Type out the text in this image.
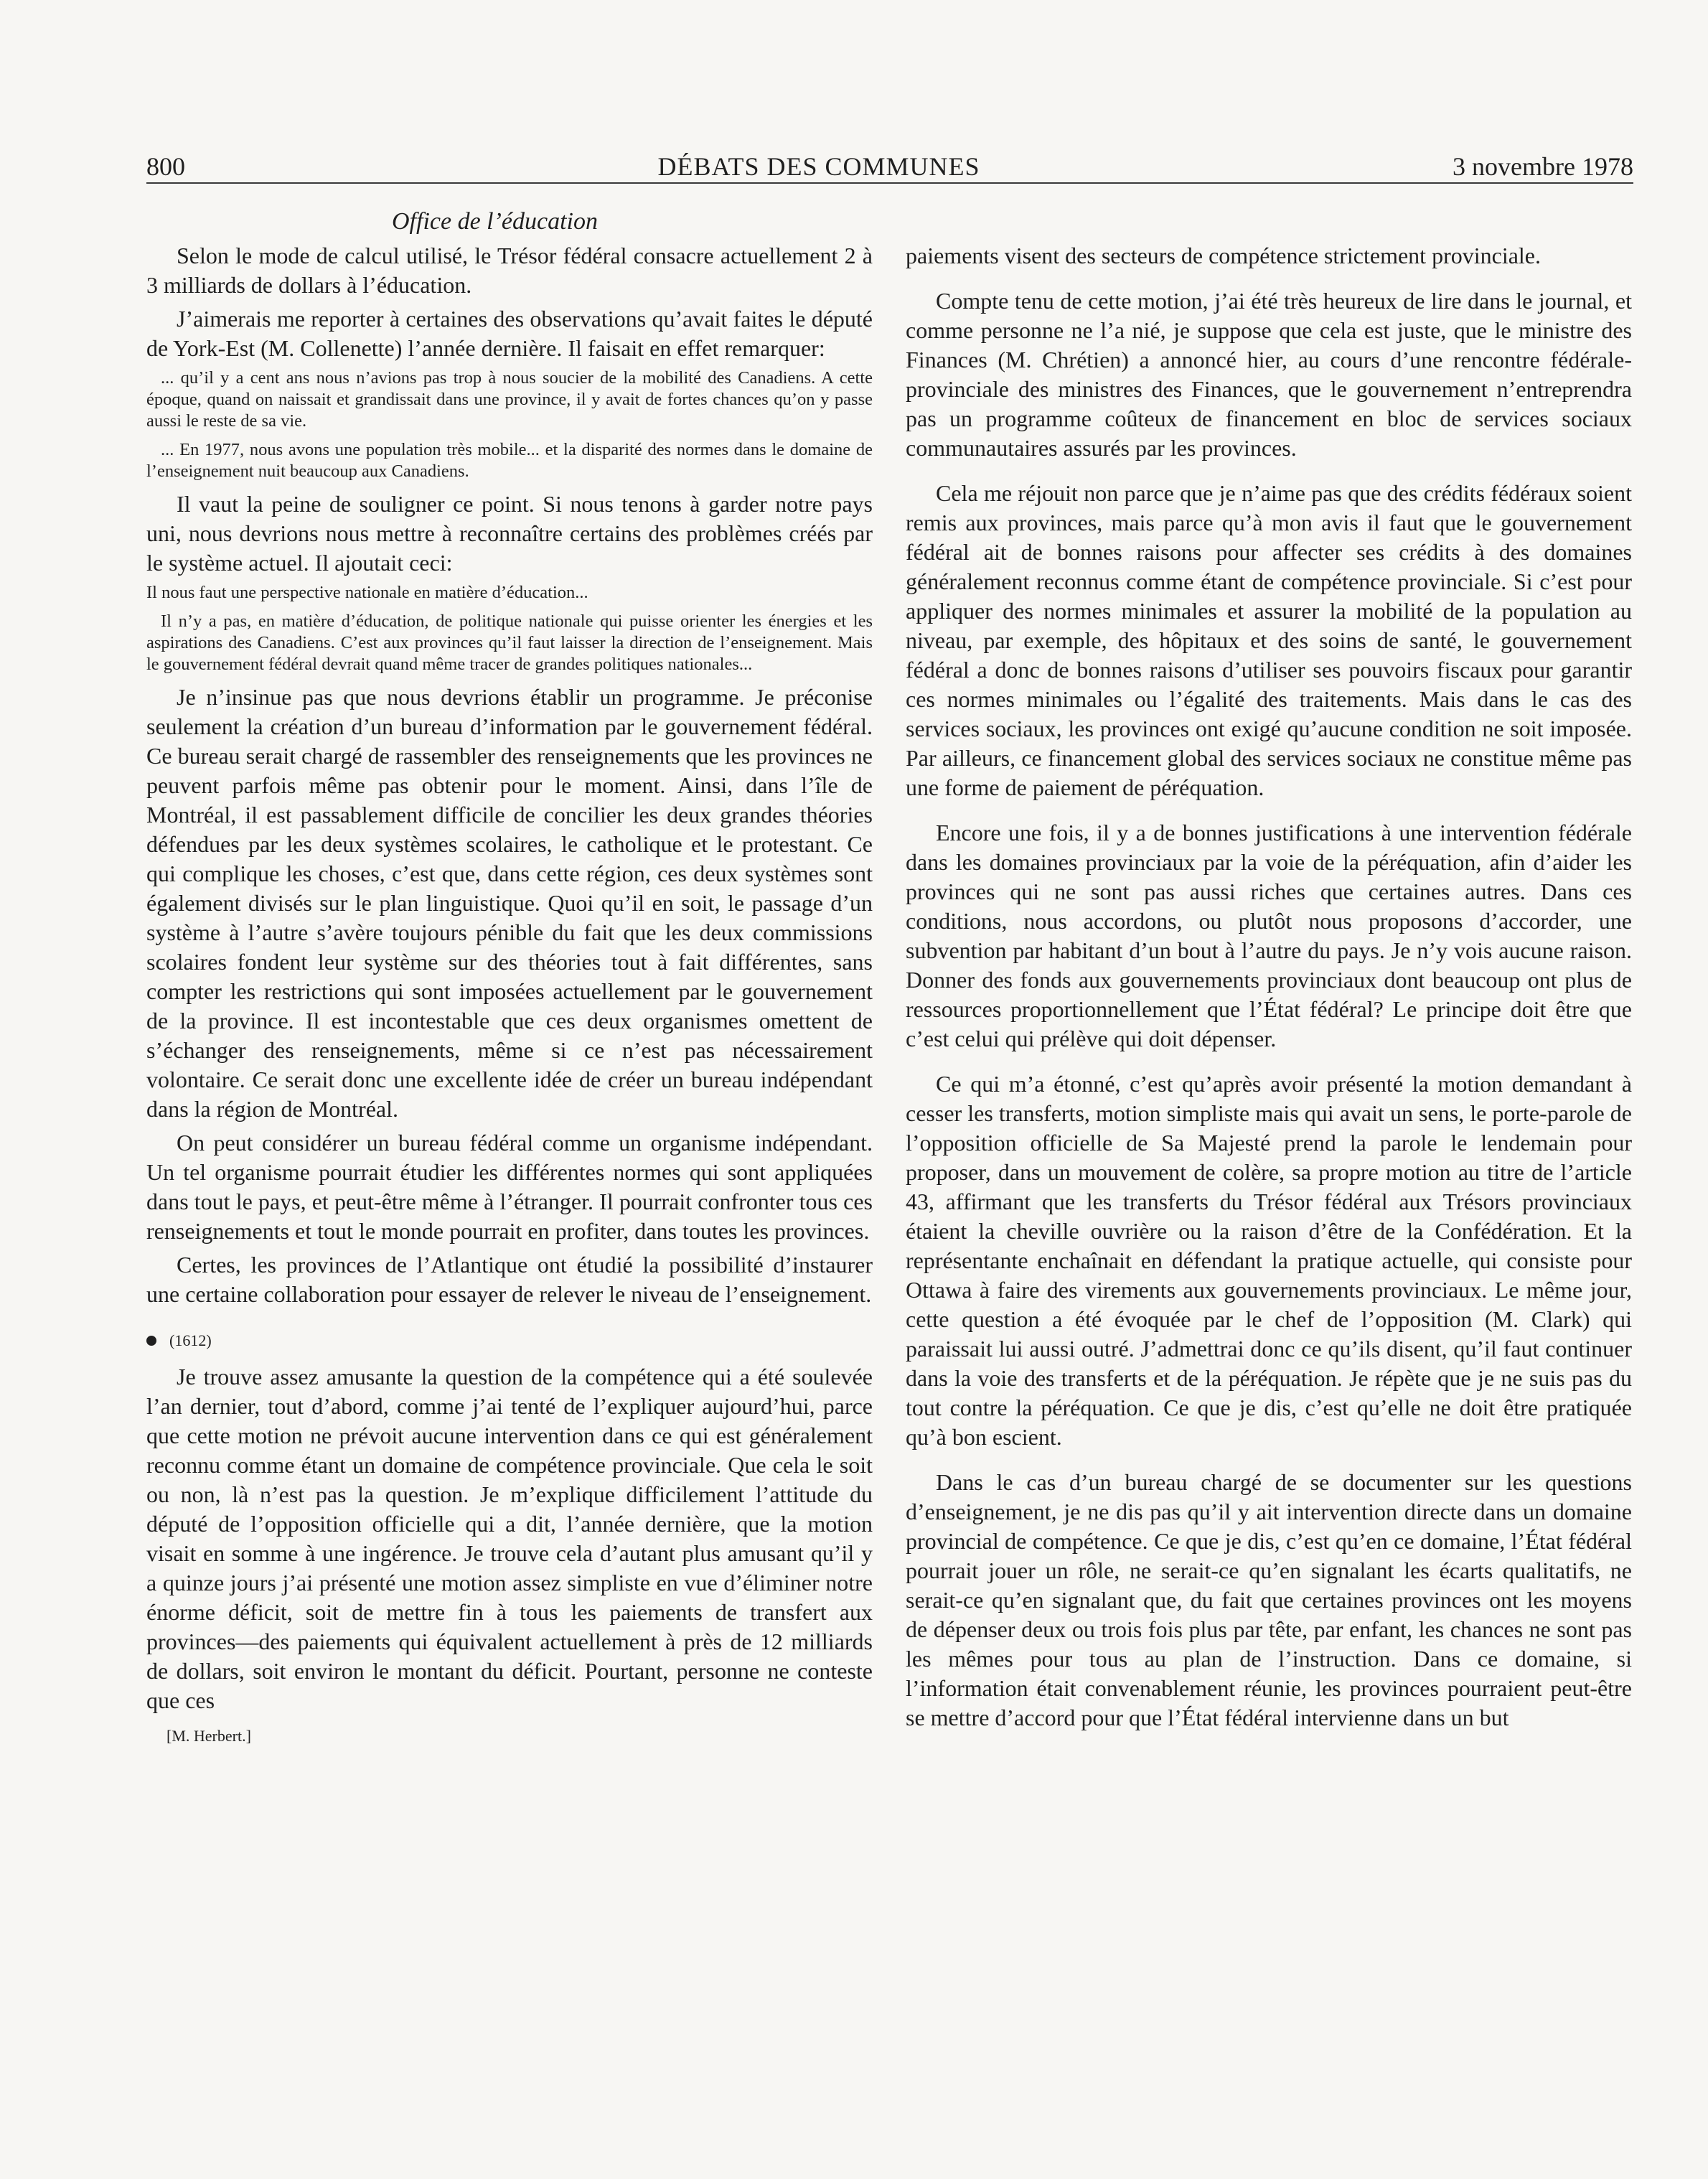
800	DÉBATS DES COMMUNES	3 novembre 1978
Office de l’éducation

Selon le mode de calcul utilisé, le Trésor fédéral consacre actuellement 2 à 3 milliards de dollars à l’éducation.

J’aimerais me reporter à certaines des observations qu’avait faites le député de York-Est (M. Collenette) l’année dernière. Il faisait en effet remarquer:

... qu’il y a cent ans nous n’avions pas trop à nous soucier de la mobilité des Canadiens. A cette époque, quand on naissait et grandissait dans une province, il y avait de fortes chances qu’on y passe aussi le reste de sa vie.
... En 1977, nous avons une population très mobile... et la disparité des normes dans le domaine de l’enseignement nuit beaucoup aux Canadiens.

Il vaut la peine de souligner ce point. Si nous tenons à garder notre pays uni, nous devrions nous mettre à reconnaître certains des problèmes créés par le système actuel. Il ajoutait ceci:

Il nous faut une perspective nationale en matière d’éducation...
Il n’y a pas, en matière d’éducation, de politique nationale qui puisse orienter les énergies et les aspirations des Canadiens. C’est aux provinces qu’il faut laisser la direction de l’enseignement. Mais le gouvernement fédéral devrait quand même tracer de grandes politiques nationales...

Je n’insinue pas que nous devrions établir un programme. Je préconise seulement la création d’un bureau d’information par le gouvernement fédéral. Ce bureau serait chargé de rassembler des renseignements que les provinces ne peuvent parfois même pas obtenir pour le moment. Ainsi, dans l’île de Montréal, il est passablement difficile de concilier les deux grandes théories défendues par les deux systèmes scolaires, le catholique et le protestant. Ce qui complique les choses, c’est que, dans cette région, ces deux systèmes sont également divisés sur le plan linguistique. Quoi qu’il en soit, le passage d’un système à l’autre s’avère toujours pénible du fait que les deux commissions scolaires fondent leur système sur des théories tout à fait différentes, sans compter les restrictions qui sont imposées actuellement par le gouvernement de la province. Il est incontestable que ces deux organismes omettent de s’échanger des renseignements, même si ce n’est pas nécessairement volontaire. Ce serait donc une excellente idée de créer un bureau indépendant dans la région de Montréal.

On peut considérer un bureau fédéral comme un organisme indépendant. Un tel organisme pourrait étudier les différentes normes qui sont appliquées dans tout le pays, et peut-être même à l’étranger. Il pourrait confronter tous ces renseignements et tout le monde pourrait en profiter, dans toutes les provinces.

Certes, les provinces de l’Atlantique ont étudié la possibilité d’instaurer une certaine collaboration pour essayer de relever le niveau de l’enseignement.

(1612)

Je trouve assez amusante la question de la compétence qui a été soulevée l’an dernier, tout d’abord, comme j’ai tenté de l’expliquer aujourd’hui, parce que cette motion ne prévoit aucune intervention dans ce qui est généralement reconnu comme étant un domaine de compétence provinciale. Que cela le soit ou non, là n’est pas la question. Je m’explique difficilement l’attitude du député de l’opposition officielle qui a dit, l’année dernière, que la motion visait en somme à une ingérence. Je trouve cela d’autant plus amusant qu’il y a quinze jours j’ai présenté une motion assez simpliste en vue d’éliminer notre énorme déficit, soit de mettre fin à tous les paiements de transfert aux provinces—des paiements qui équivalent actuellement à près de 12 milliards de dollars, soit environ le montant du déficit. Pourtant, personne ne conteste que ces

[M. Herbert.]

paiements visent des secteurs de compétence strictement provinciale.

Compte tenu de cette motion, j’ai été très heureux de lire dans le journal, et comme personne ne l’a nié, je suppose que cela est juste, que le ministre des Finances (M. Chrétien) a annoncé hier, au cours d’une rencontre fédérale-provinciale des ministres des Finances, que le gouvernement n’entreprendra pas un programme coûteux de financement en bloc de services sociaux communautaires assurés par les provinces.

Cela me réjouit non parce que je n’aime pas que des crédits fédéraux soient remis aux provinces, mais parce qu’à mon avis il faut que le gouvernement fédéral ait de bonnes raisons pour affecter ses crédits à des domaines généralement reconnus comme étant de compétence provinciale. Si c’est pour appliquer des normes minimales et assurer la mobilité de la population au niveau, par exemple, des hôpitaux et des soins de santé, le gouvernement fédéral a donc de bonnes raisons d’utiliser ses pouvoirs fiscaux pour garantir ces normes minimales ou l’égalité des traitements. Mais dans le cas des services sociaux, les provinces ont exigé qu’aucune condition ne soit imposée. Par ailleurs, ce financement global des services sociaux ne constitue même pas une forme de paiement de péréquation.

Encore une fois, il y a de bonnes justifications à une intervention fédérale dans les domaines provinciaux par la voie de la péréquation, afin d’aider les provinces qui ne sont pas aussi riches que certaines autres. Dans ces conditions, nous accordons, ou plutôt nous proposons d’accorder, une subvention par habitant d’un bout à l’autre du pays. Je n’y vois aucune raison. Donner des fonds aux gouvernements provinciaux dont beaucoup ont plus de ressources proportionnellement que l’État fédéral? Le principe doit être que c’est celui qui prélève qui doit dépenser.

Ce qui m’a étonné, c’est qu’après avoir présenté la motion demandant à cesser les transferts, motion simpliste mais qui avait un sens, le porte-parole de l’opposition officielle de Sa Majesté prend la parole le lendemain pour proposer, dans un mouvement de colère, sa propre motion au titre de l’article 43, affirmant que les transferts du Trésor fédéral aux Trésors provinciaux étaient la cheville ouvrière ou la raison d’être de la Confédération. Et la représentante enchaînait en défendant la pratique actuelle, qui consiste pour Ottawa à faire des virements aux gouvernements provinciaux. Le même jour, cette question a été évoquée par le chef de l’opposition (M. Clark) qui paraissait lui aussi outré. J’admettrai donc ce qu’ils disent, qu’il faut continuer dans la voie des transferts et de la péréquation. Je répète que je ne suis pas du tout contre la péréquation. Ce que je dis, c’est qu’elle ne doit être pratiquée qu’à bon escient.

Dans le cas d’un bureau chargé de se documenter sur les questions d’enseignement, je ne dis pas qu’il y ait intervention directe dans un domaine provincial de compétence. Ce que je dis, c’est qu’en ce domaine, l’État fédéral pourrait jouer un rôle, ne serait-ce qu’en signalant les écarts qualitatifs, ne serait-ce qu’en signalant que, du fait que certaines provinces ont les moyens de dépenser deux ou trois fois plus par tête, par enfant, les chances ne sont pas les mêmes pour tous au plan de l’instruction. Dans ce domaine, si l’information était convenablement réunie, les provinces pourraient peut-être se mettre d’accord pour que l’État fédéral intervienne dans un but
